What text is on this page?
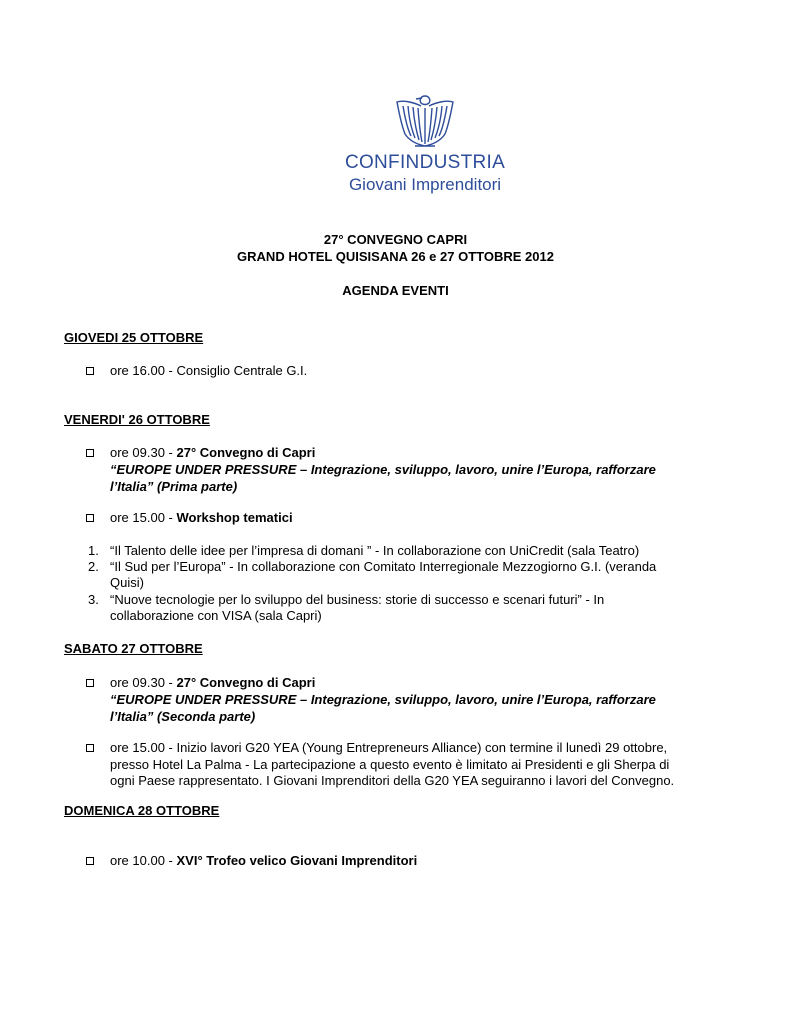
CONFINDUSTRIA
Giovani Imprenditori
27° CONVEGNO CAPRI
GRAND HOTEL QUISISANA 26 e 27 OTTOBRE 2012
AGENDA EVENTI
GIOVEDI 25 OTTOBRE
ore 16.00 - Consiglio Centrale G.I.
VENERDI' 26 OTTOBRE
ore 09.30 - 27° Convegno di Capri
“EUROPE UNDER PRESSURE – Integrazione, sviluppo, lavoro, unire l’Europa, rafforzare
l’Italia” (Prima parte)
ore 15.00 - Workshop tematici
1. “Il Talento delle idee per l’impresa di domani ” - In collaborazione con UniCredit (sala Teatro)
2. “Il Sud per l’Europa” - In collaborazione con Comitato Interregionale Mezzogiorno G.I. (veranda
Quisi)
3. “Nuove tecnologie per lo sviluppo del business: storie di successo e scenari futuri” - In
collaborazione con VISA (sala Capri)
SABATO 27 OTTOBRE
ore 09.30 - 27° Convegno di Capri
“EUROPE UNDER PRESSURE – Integrazione, sviluppo, lavoro, unire l’Europa, rafforzare
l’Italia” (Seconda parte)
ore 15.00 - Inizio lavori G20 YEA (Young Entrepreneurs Alliance) con termine il lunedì 29 ottobre,
presso Hotel La Palma - La partecipazione a questo evento è limitato ai Presidenti e gli Sherpa di
ogni Paese rappresentato. I Giovani Imprenditori della G20 YEA seguiranno i lavori del Convegno.
DOMENICA 28 OTTOBRE
ore 10.00 - XVI° Trofeo velico Giovani Imprenditori
